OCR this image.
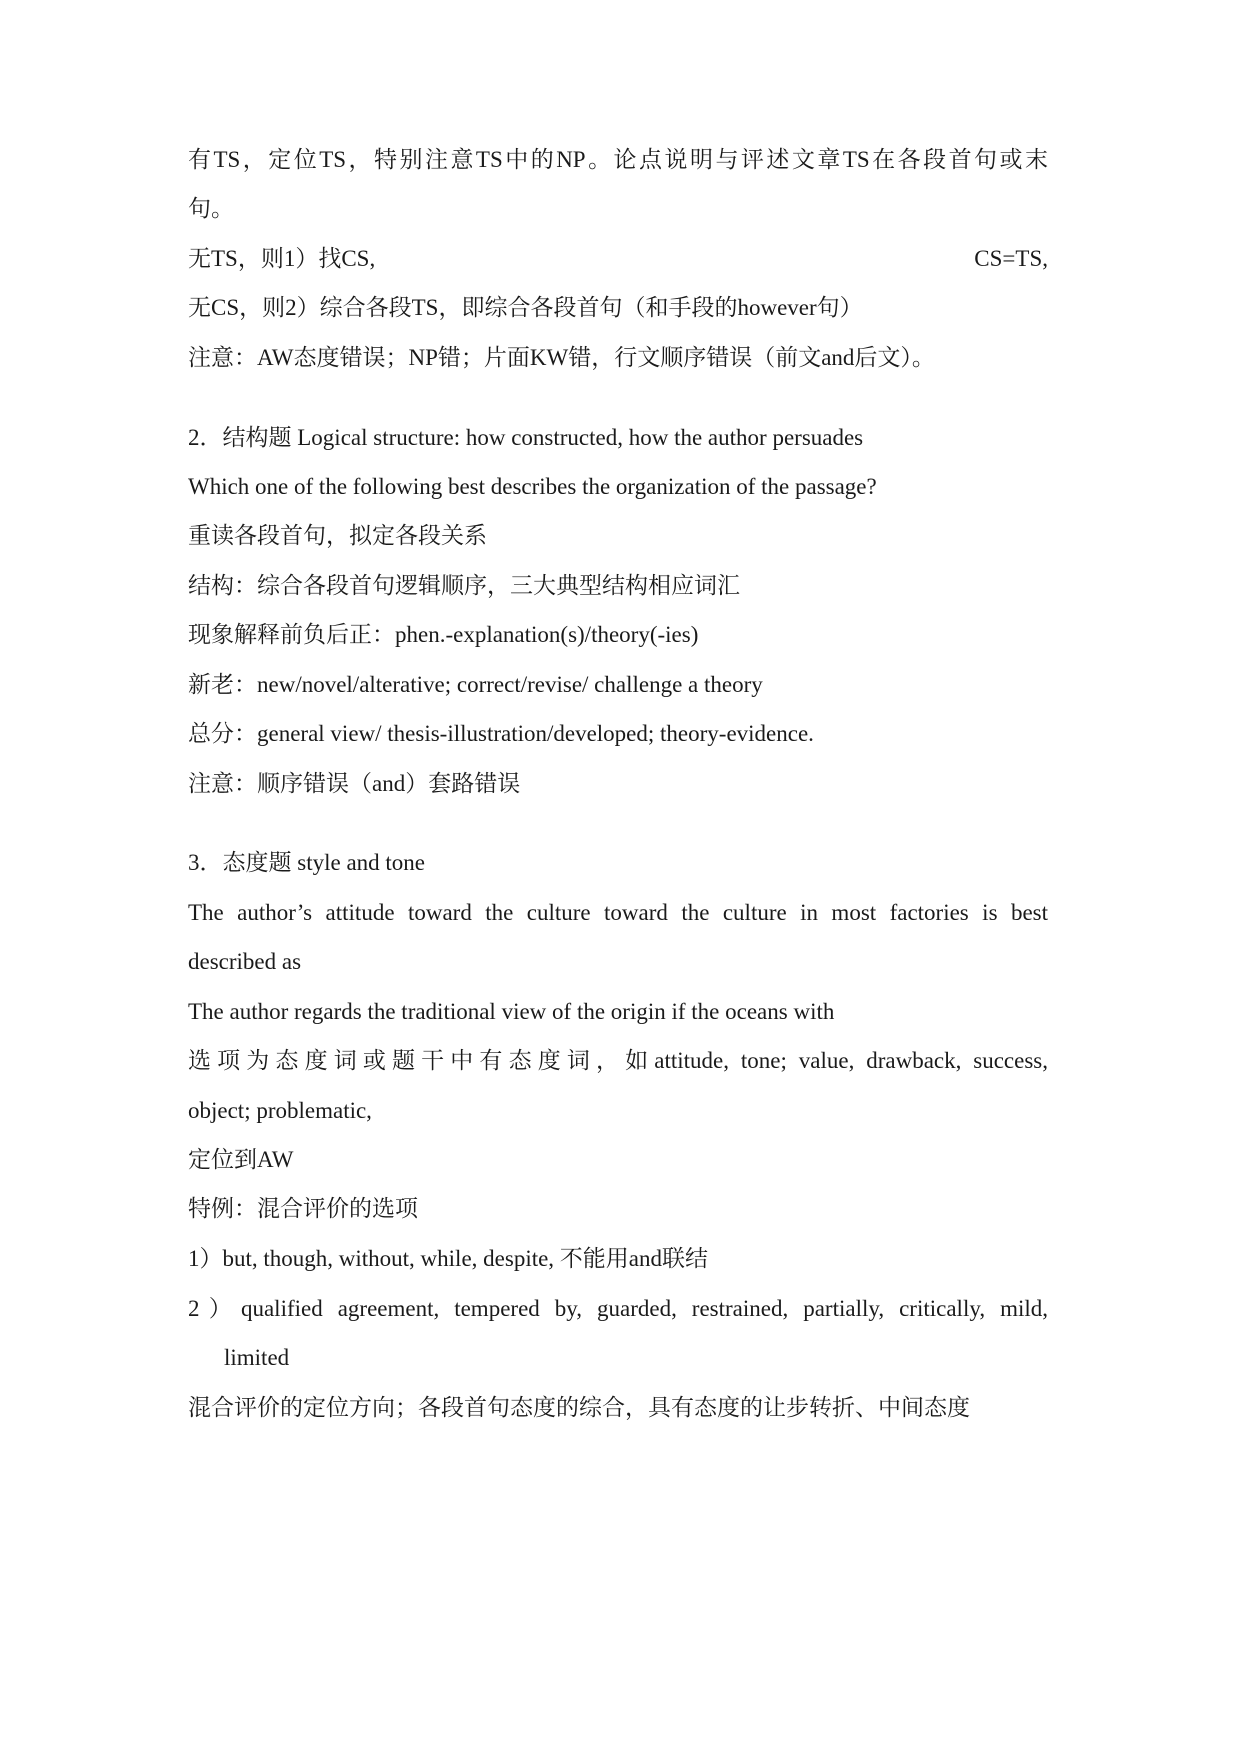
有TS，定位TS，特别注意TS中的NP。论点说明与评述文章TS在各段首句或末
句。
无TS，则1）找CS,	CS=TS,
无CS，则2）综合各段TS，即综合各段首句（和手段的however句）
注意：AW态度错误；NP错；片面KW错，行文顺序错误（前文and后文）。
2．结构题 Logical structure: how constructed, how the author persuades
Which one of the following best describes the organization of the passage?
重读各段首句，拟定各段关系
结构：综合各段首句逻辑顺序，三大典型结构相应词汇
现象解释前负后正：phen.-explanation(s)/theory(-ies)
新老：new/novel/alterative; correct/revise/ challenge a theory
总分：general view/ thesis-illustration/developed; theory-evidence.
注意：顺序错误（and）套路错误
3．态度题 style and tone
The author’s attitude toward the culture toward the culture in most factories is best
described as
The author regards the traditional view of the origin if the oceans with
选项为态度词或题干中有态度词，如attitude, tone; value, drawback, success,
object; problematic,
定位到AW
特例：混合评价的选项
1）but, though, without, while, despite, 不能用and联结
2）qualified agreement, tempered by, guarded, restrained, partially, critically, mild,
limited
混合评价的定位方向；各段首句态度的综合，具有态度的让步转折、中间态度
